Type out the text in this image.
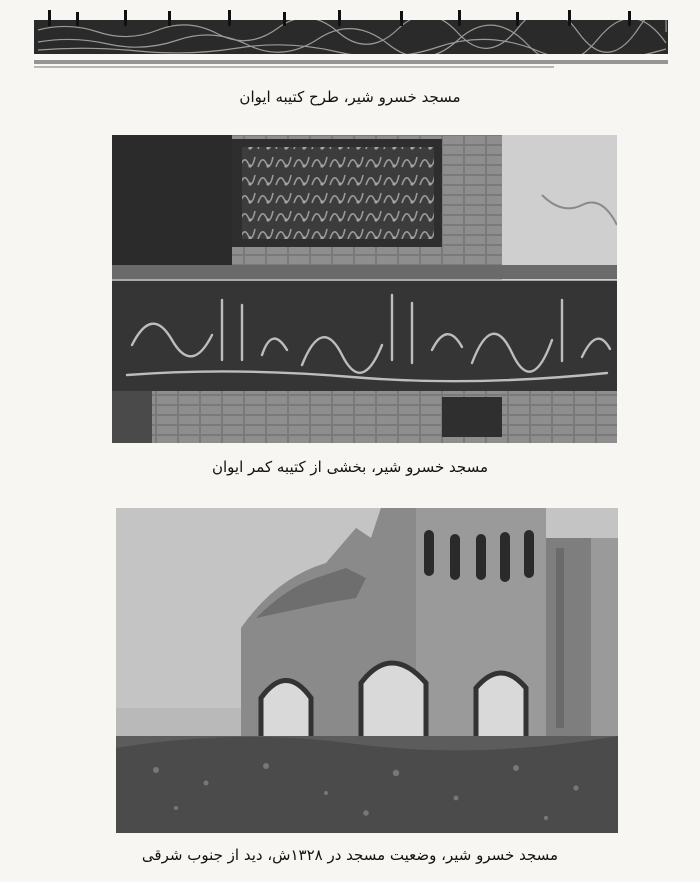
مسجد خسرو شیر، طرح کتیبه ایوان
مسجد خسرو شیر، بخشی از کتیبه کمر ایوان
مسجد خسرو شیر، وضعیت مسجد در ۱۳۲۸ش، دید از جنوب شرقی
